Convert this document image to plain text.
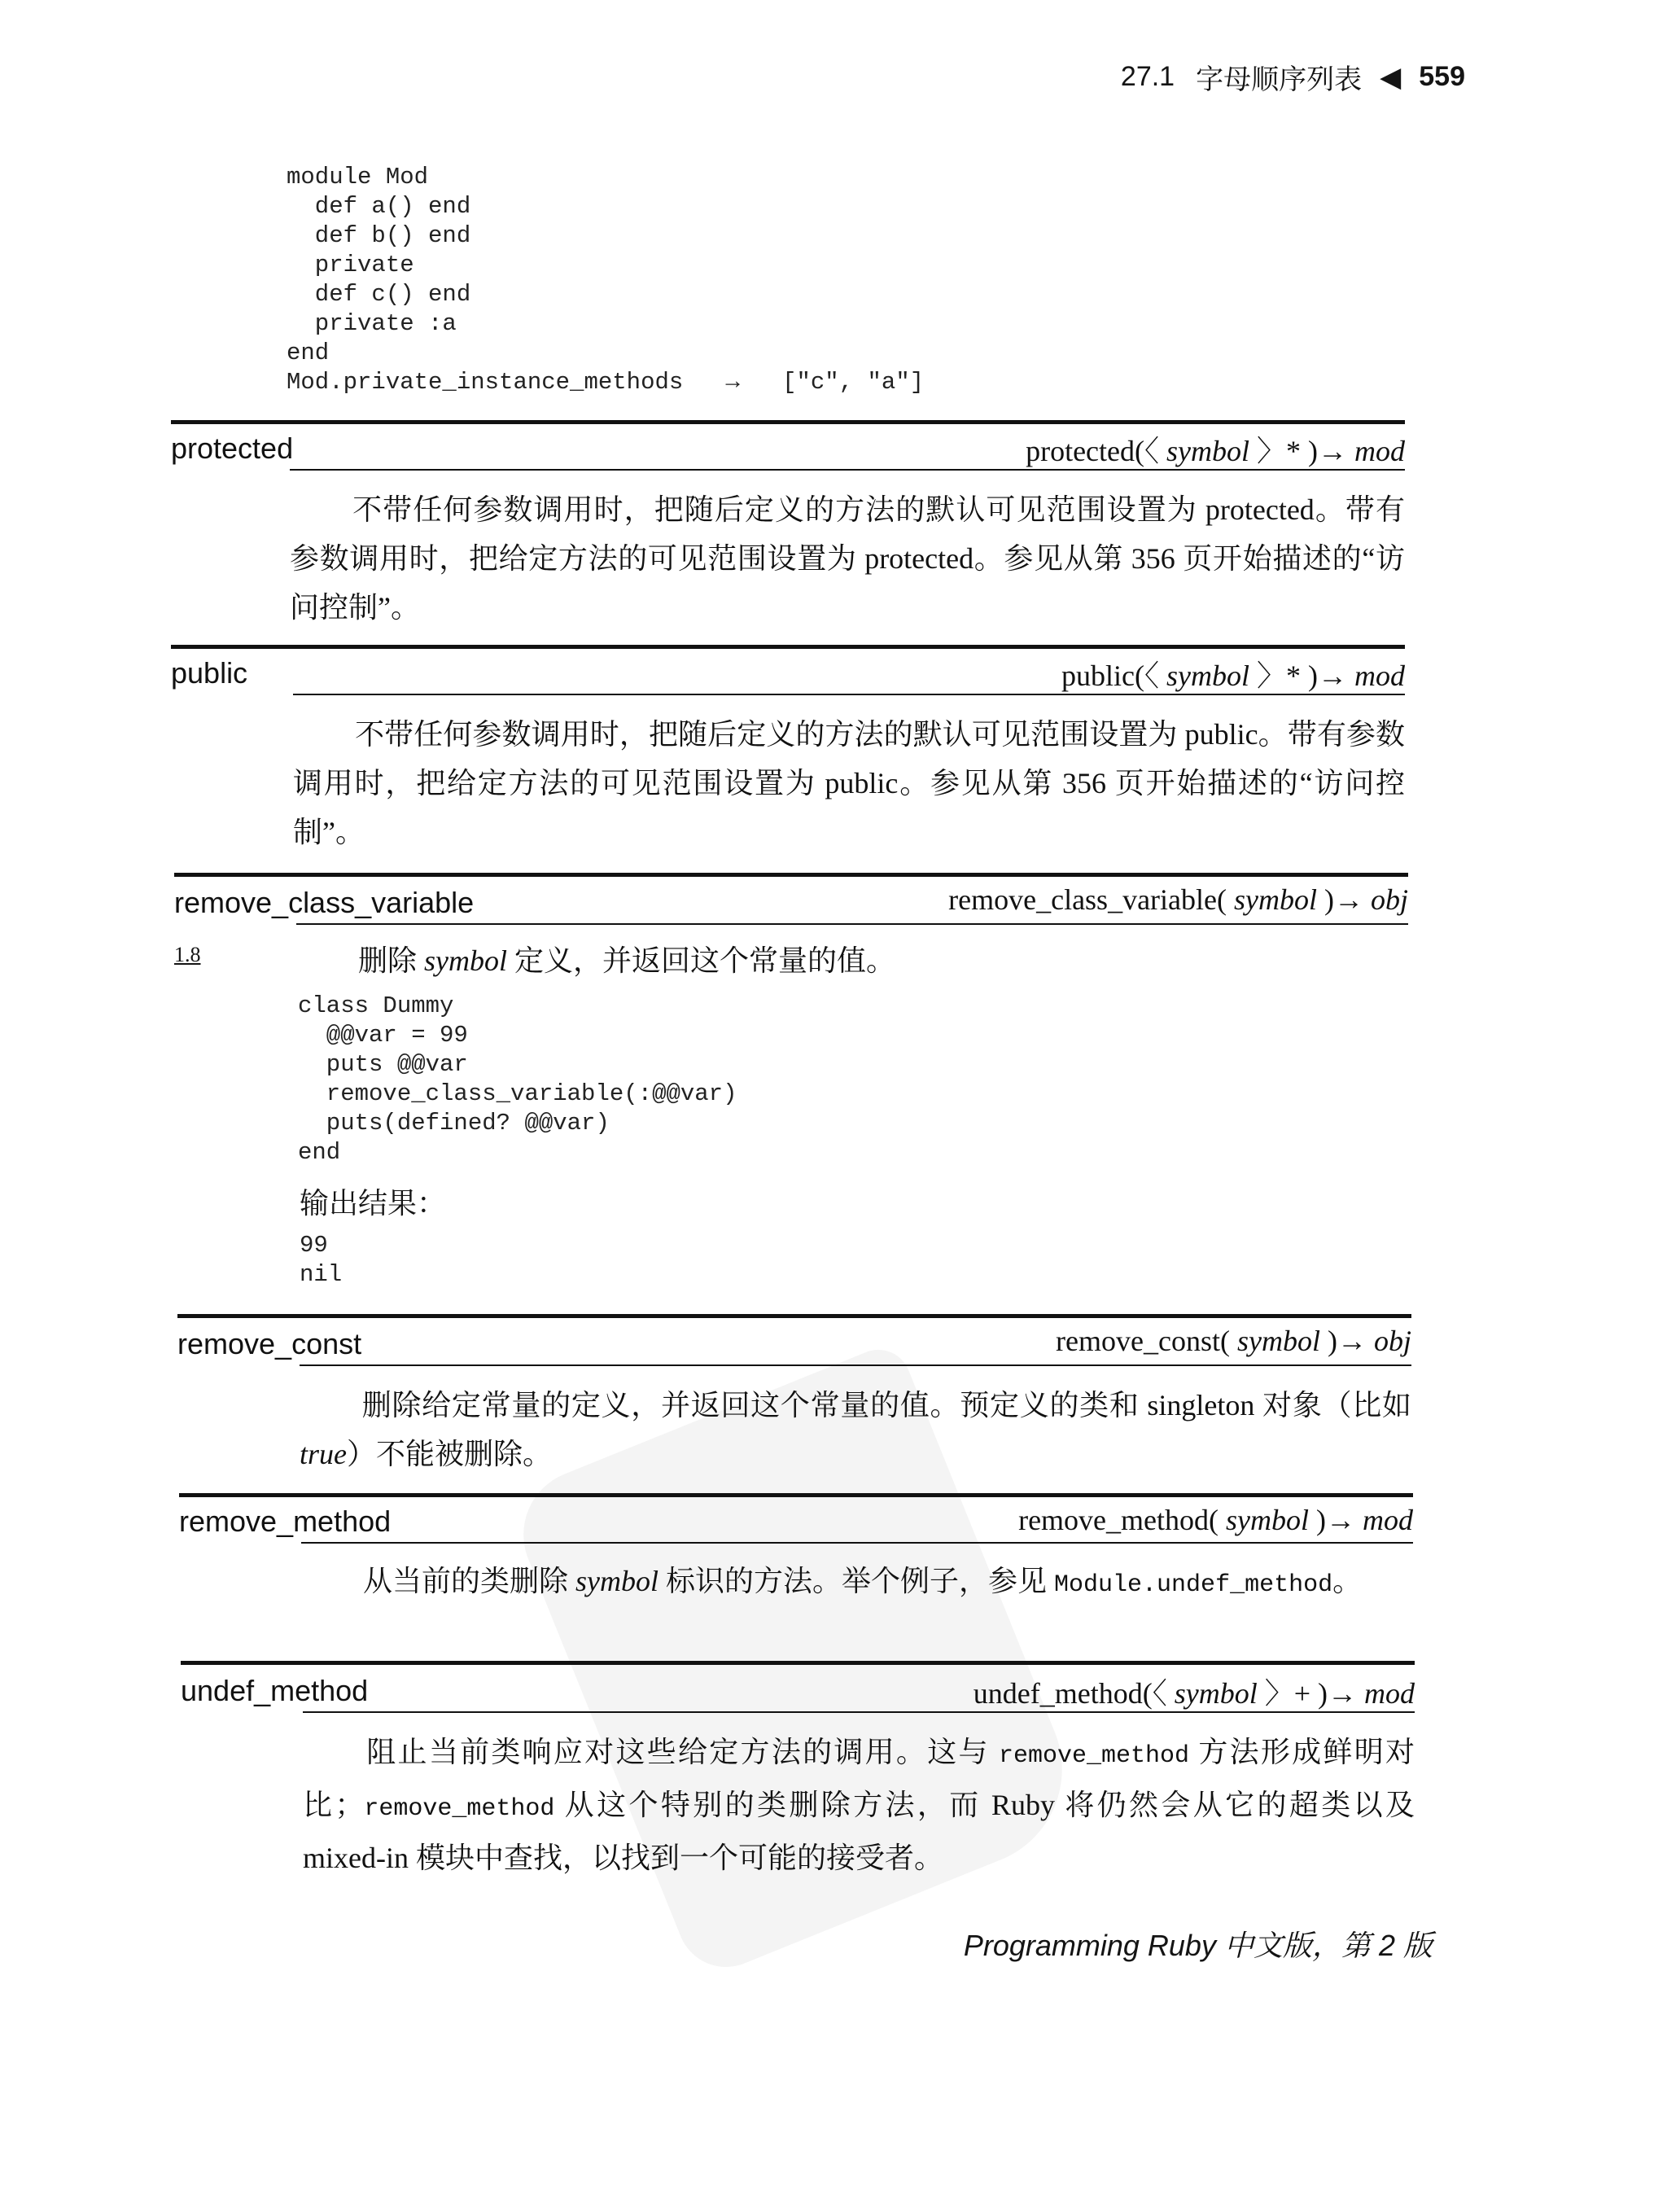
27.1 字母顺序列表 ◀ 559
module Mod
def a() end
def b() end
private
def c() end
private :a
end
Mod.private_instance_methods   →   ["c", "a"]
protected	protected(〈 symbol 〉* )→ mod
不带任何参数调用时，把随后定义的方法的默认可见范围设置为 protected。带有参数调用时，把给定方法的可见范围设置为 protected。参见从第 356 页开始描述的“访问控制”。
public	public(〈 symbol 〉* )→ mod
不带任何参数调用时，把随后定义的方法的默认可见范围设置为 public。带有参数调用时，把给定方法的可见范围设置为 public。参见从第 356 页开始描述的“访问控制”。
remove_class_variable	remove_class_variable( symbol )→ obj
1.8	删除 symbol 定义，并返回这个常量的值。
class Dummy
@@var = 99
puts @@var
remove_class_variable(:@@var)
puts(defined? @@var)
end
输出结果：
99
nil
remove_const	remove_const( symbol )→ obj
删除给定常量的定义，并返回这个常量的值。预定义的类和 singleton 对象（比如 true）不能被删除。
remove_method	remove_method( symbol )→ mod
从当前的类删除 symbol 标识的方法。举个例子，参见 Module.undef_method。
undef_method	undef_method(〈 symbol 〉+ )→ mod
阻止当前类响应对这些给定方法的调用。这与 remove_method 方法形成鲜明对比；remove_method 从这个特别的类删除方法，而 Ruby 将仍然会从它的超类以及 mixed-in 模块中查找，以找到一个可能的接受者。
Programming Ruby 中文版，第 2 版
